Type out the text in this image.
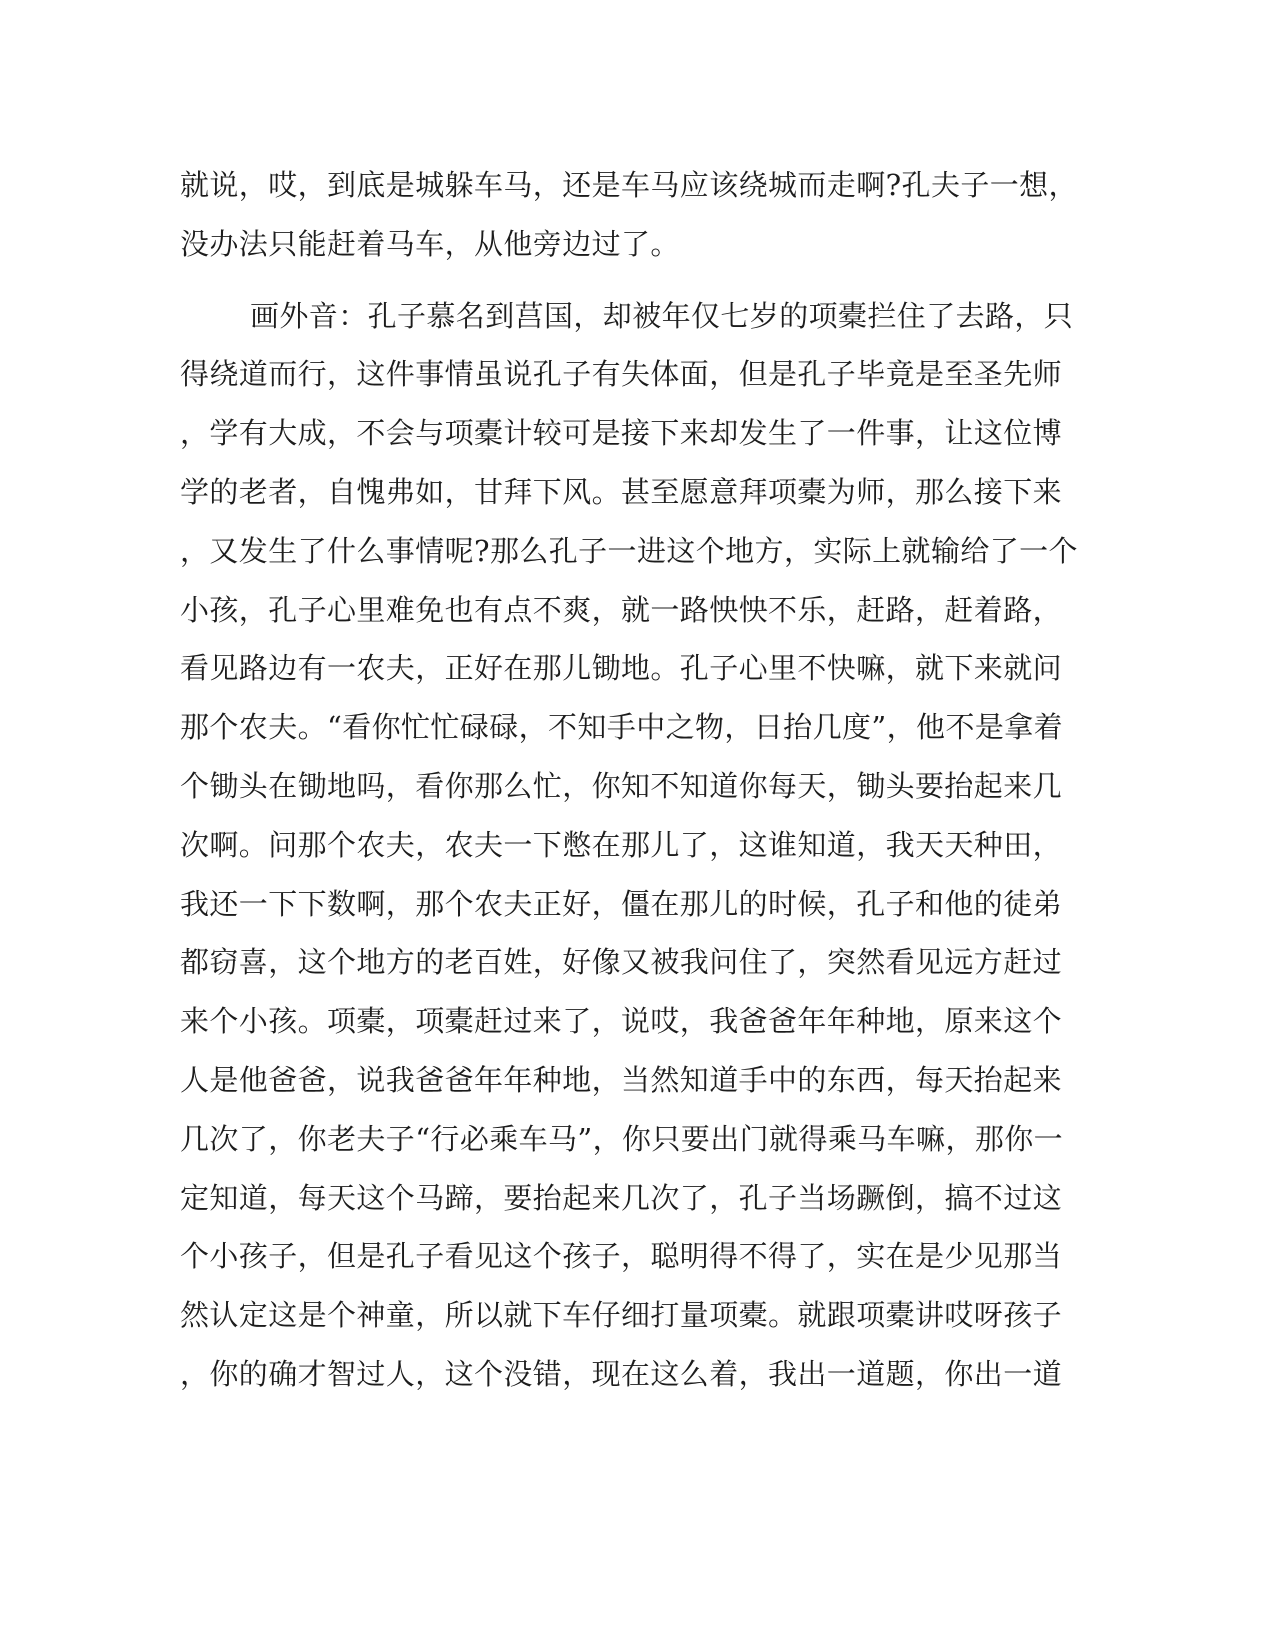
就说，哎，到底是城躲车马，还是车马应该绕城而走啊?孔夫子一想，
没办法只能赶着马车，从他旁边过了。
画外音：孔子慕名到莒国，却被年仅七岁的项橐拦住了去路，只
得绕道而行，这件事情虽说孔子有失体面，但是孔子毕竟是至圣先师
，学有大成，不会与项橐计较可是接下来却发生了一件事，让这位博
学的老者，自愧弗如，甘拜下风。甚至愿意拜项橐为师，那么接下来
，又发生了什么事情呢?那么孔子一进这个地方，实际上就输给了一个
小孩，孔子心里难免也有点不爽，就一路怏怏不乐，赶路，赶着路，
看见路边有一农夫，正好在那儿锄地。孔子心里不快嘛，就下来就问
那个农夫。“看你忙忙碌碌，不知手中之物，日抬几度”，他不是拿着
个锄头在锄地吗，看你那么忙，你知不知道你每天，锄头要抬起来几
次啊。问那个农夫，农夫一下憋在那儿了，这谁知道，我天天种田，
我还一下下数啊，那个农夫正好，僵在那儿的时候，孔子和他的徒弟
都窃喜，这个地方的老百姓，好像又被我问住了，突然看见远方赶过
来个小孩。项橐，项橐赶过来了，说哎，我爸爸年年种地，原来这个
人是他爸爸，说我爸爸年年种地，当然知道手中的东西，每天抬起来
几次了，你老夫子“行必乘车马”，你只要出门就得乘马车嘛，那你一
定知道，每天这个马蹄，要抬起来几次了，孔子当场蹶倒，搞不过这
个小孩子，但是孔子看见这个孩子，聪明得不得了，实在是少见那当
然认定这是个神童，所以就下车仔细打量项橐。就跟项橐讲哎呀孩子
，你的确才智过人，这个没错，现在这么着，我出一道题，你出一道
